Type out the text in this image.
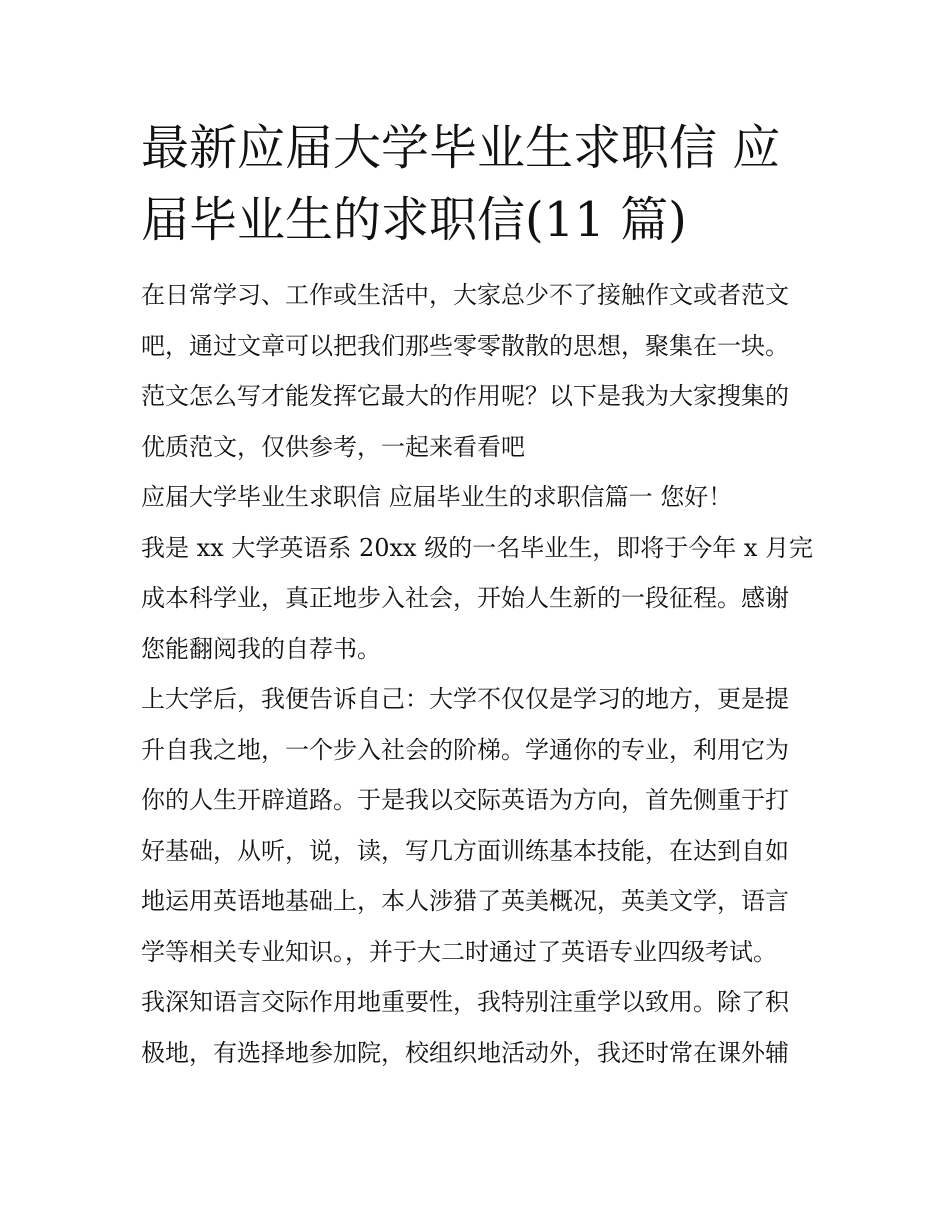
最新应届大学毕业生求职信 应
届毕业生的求职信(11 篇)

在日常学习、工作或生活中，大家总少不了接触作文或者范文
吧，通过文章可以把我们那些零零散散的思想，聚集在一块。
范文怎么写才能发挥它最大的作用呢？以下是我为大家搜集的
优质范文，仅供参考，一起来看看吧

应届大学毕业生求职信 应届毕业生的求职信篇一 您好！

我是 xx 大学英语系 20xx 级的一名毕业生，即将于今年 x 月完
成本科学业，真正地步入社会，开始人生新的一段征程。感谢
您能翻阅我的自荐书。

上大学后，我便告诉自己：大学不仅仅是学习的地方，更是提
升自我之地，一个步入社会的阶梯。学通你的专业，利用它为
你的人生开辟道路。于是我以交际英语为方向，首先侧重于打
好基础，从听，说，读，写几方面训练基本技能，在达到自如
地运用英语地基础上，本人涉猎了英美概况，英美文学，语言
学等相关专业知识。，并于大二时通过了英语专业四级考试。

我深知语言交际作用地重要性，我特别注重学以致用。除了积
极地，有选择地参加院，校组织地活动外，我还时常在课外辅
